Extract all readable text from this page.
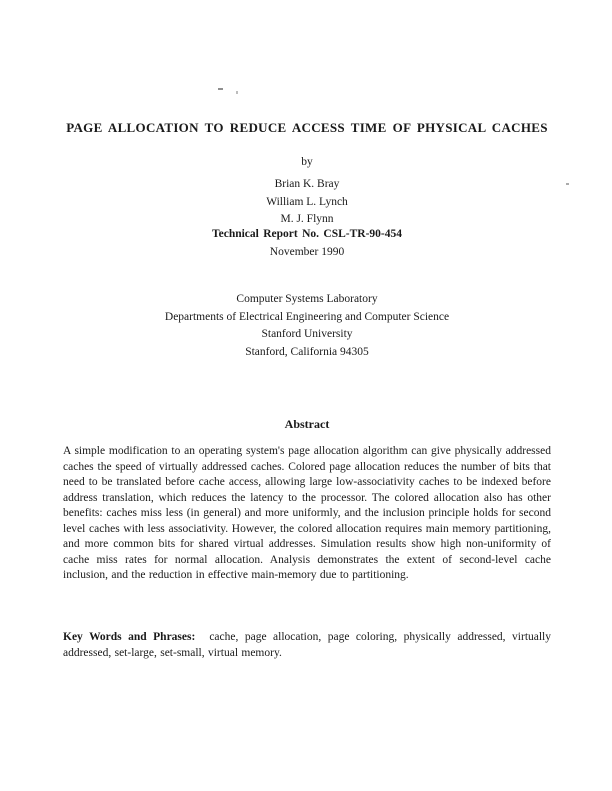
PAGE ALLOCATION TO REDUCE ACCESS TIME OF PHYSICAL CACHES
by
Brian K. Bray
William L. Lynch
M. J. Flynn
Technical Report No. CSL-TR-90-454
November 1990
Computer Systems Laboratory
Departments of Electrical Engineering and Computer Science
Stanford University
Stanford, California 94305
Abstract

A simple modification to an operating system's page allocation algorithm can give physically addressed caches the speed of virtually addressed caches. Colored page allocation reduces the number of bits that need to be translated before cache access, allowing large low-associativity caches to be indexed before address translation, which reduces the latency to the processor. The colored allocation also has other benefits: caches miss less (in general) and more uniformly, and the inclusion principle holds for second level caches with less associativity. However, the colored allocation requires main memory partitioning, and more common bits for shared virtual addresses. Simulation results show high non-uniformity of cache miss rates for normal allocation. Analysis demonstrates the extent of second-level cache inclusion, and the reduction in effective main-memory due to partitioning.

Key Words and Phrases: cache, page allocation, page coloring, physically addressed, virtually addressed, set-large, set-small, virtual memory.
